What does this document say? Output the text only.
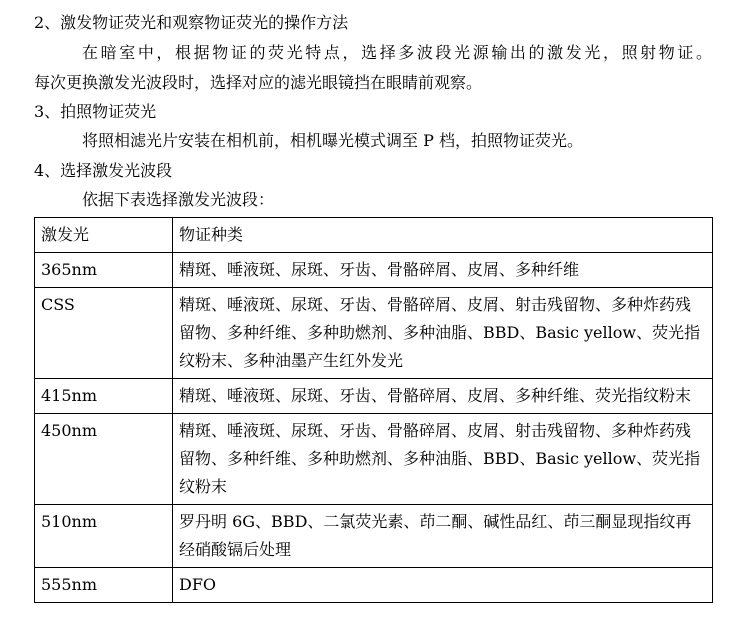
2、激发物证荧光和观察物证荧光的操作方法
在暗室中，根据物证的荧光特点，选择多波段光源输出的激发光，照射物证。
每次更换激发光波段时，选择对应的滤光眼镜挡在眼睛前观察。
3、拍照物证荧光
将照相滤光片安装在相机前，相机曝光模式调至 P 档，拍照物证荧光。
4、选择激发光波段
依据下表选择激发光波段：
激发光	物证种类
365nm	精斑、唾液斑、尿斑、牙齿、骨骼碎屑、皮屑、多种纤维
CSS	精斑、唾液斑、尿斑、牙齿、骨骼碎屑、皮屑、射击残留物、多种炸药残留物、多种纤维、多种助燃剂、多种油脂、BBD、Basic yellow、荧光指纹粉末、多种油墨产生红外发光
415nm	精斑、唾液斑、尿斑、牙齿、骨骼碎屑、皮屑、多种纤维、荧光指纹粉末
450nm	精斑、唾液斑、尿斑、牙齿、骨骼碎屑、皮屑、射击残留物、多种炸药残留物、多种纤维、多种助燃剂、多种油脂、BBD、Basic yellow、荧光指纹粉末
510nm	罗丹明 6G、BBD、二氯荧光素、茚二酮、碱性品红、茚三酮显现指纹再经硝酸镉后处理
555nm	DFO
